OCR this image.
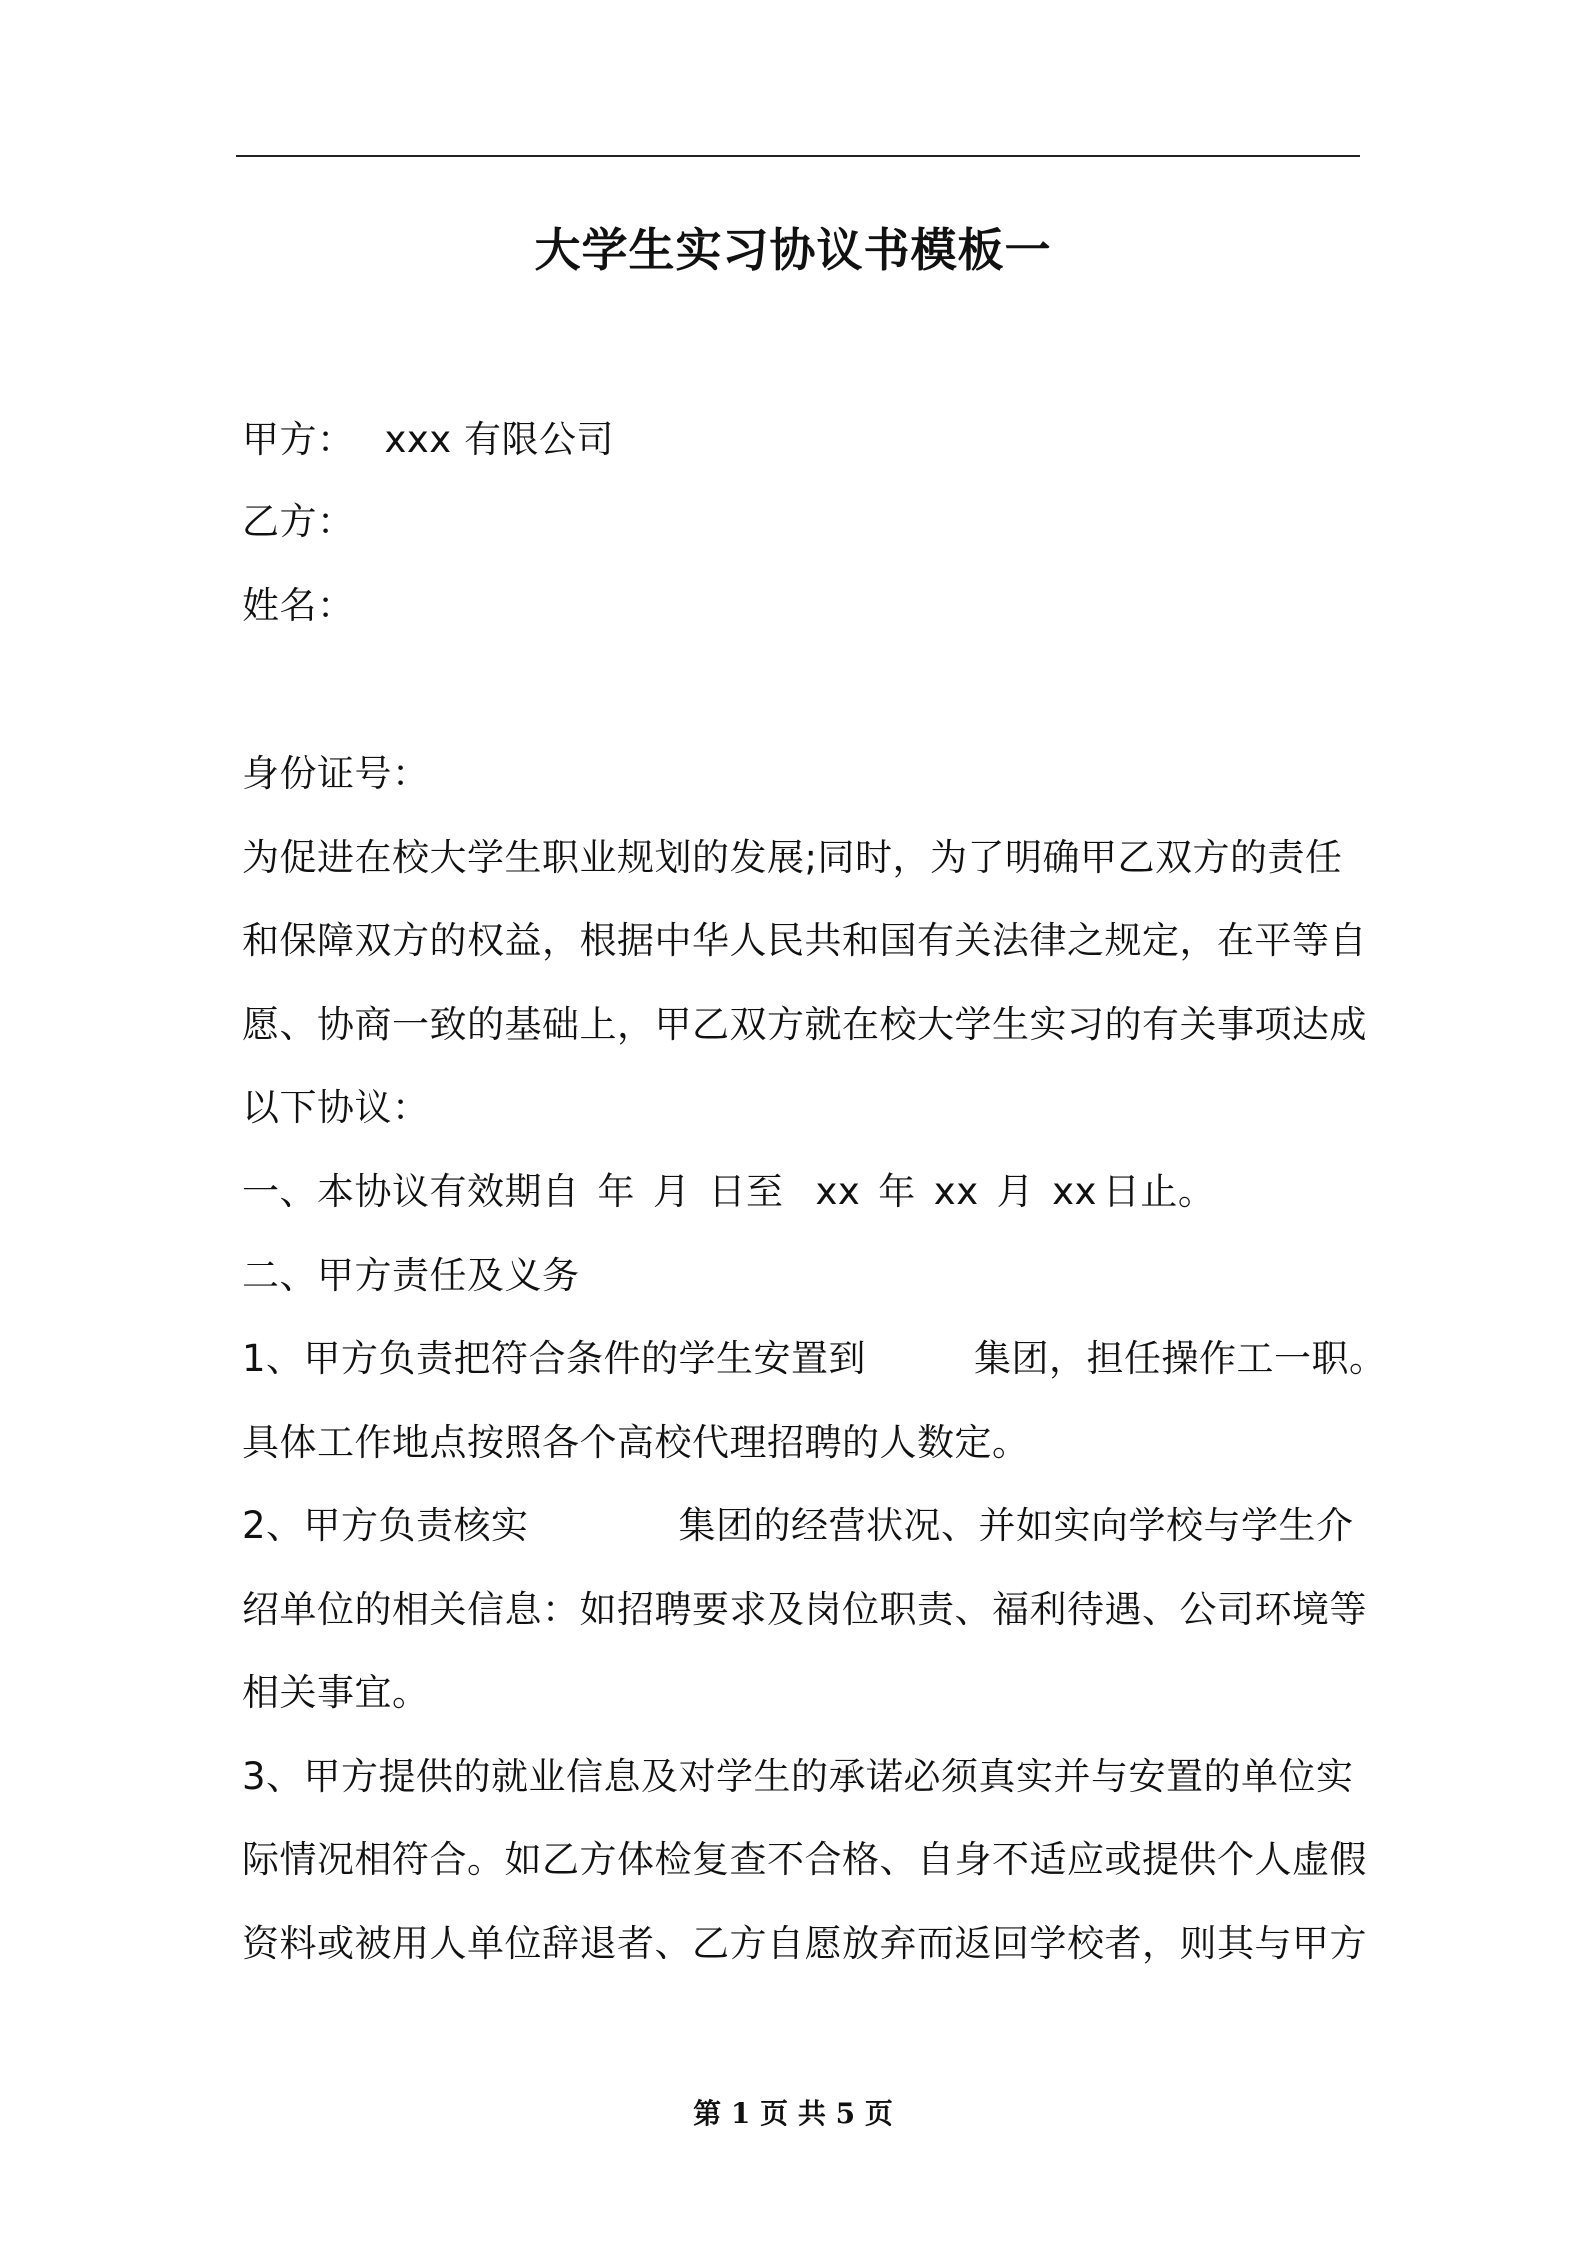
大学生实习协议书模板一
甲方： xxx 有限公司
乙方：
姓名：
身份证号：
为促进在校大学生职业规划的发展;同时，为了明确甲乙双方的责任
和保障双方的权益，根据中华人民共和国有关法律之规定，在平等自
愿、协商一致的基础上，甲乙双方就在校大学生实习的有关事项达成
以下协议：
一、本协议有效期自 年 月 日至 xx 年 xx 月 xx 日止。
二、甲方责任及义务
1、甲方负责把符合条件的学生安置到	集团，担任操作工一职。
具体工作地点按照各个高校代理招聘的人数定。
2、甲方负责核实	集团的经营状况、并如实向学校与学生介
绍单位的相关信息：如招聘要求及岗位职责、福利待遇、公司环境等
相关事宜。
3、甲方提供的就业信息及对学生的承诺必须真实并与安置的单位实
际情况相符合。如乙方体检复查不合格、自身不适应或提供个人虚假
资料或被用人单位辞退者、乙方自愿放弃而返回学校者，则其与甲方
第 1 页 共 5 页
